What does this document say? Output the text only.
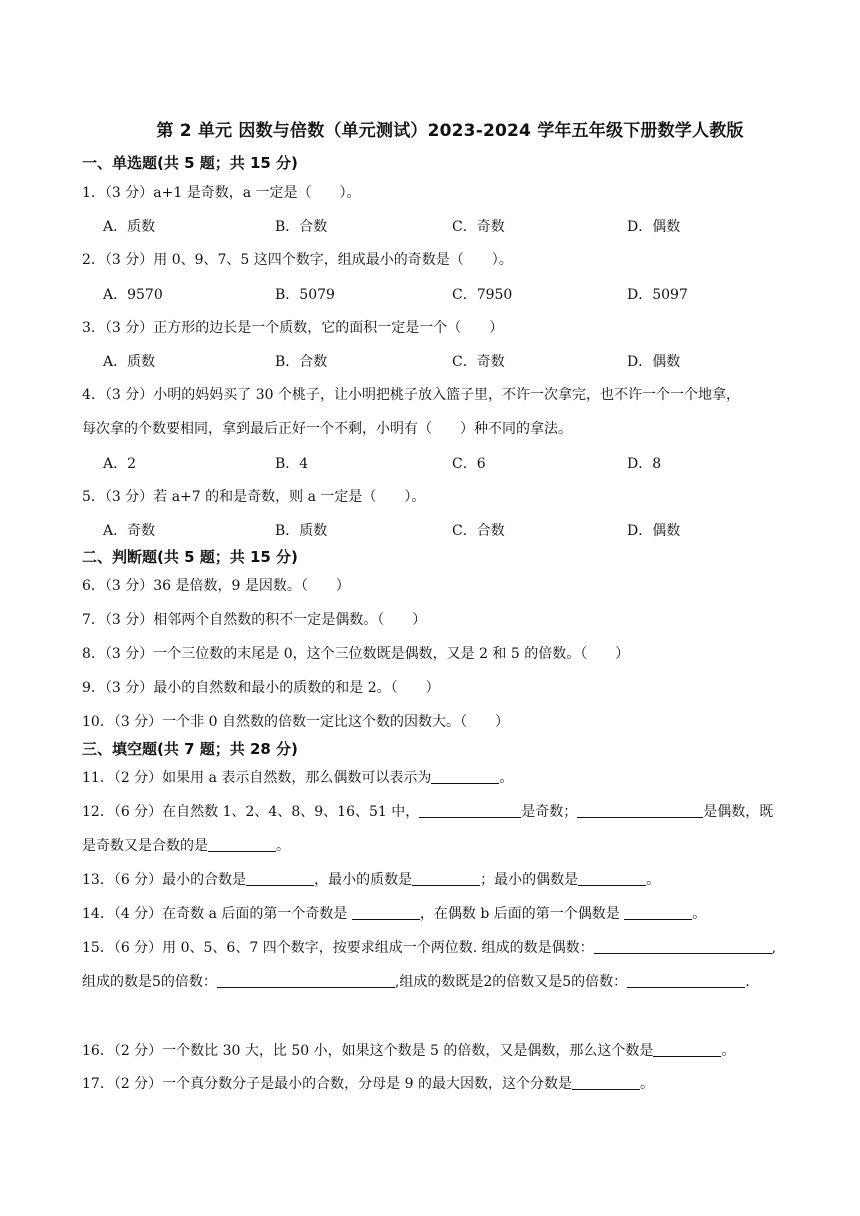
第 2 单元 因数与倍数（单元测试）2023-2024 学年五年级下册数学人教版
一、单选题(共 5 题；共 15 分)
1．（3 分）a+1 是奇数，a 一定是（　　）。
A．质数	B．合数	C．奇数	D．偶数
2．（3 分）用 0、9、7、5 这四个数字，组成最小的奇数是（　　）。
A．9570	B．5079	C．7950	D．5097
3．（3 分）正方形的边长是一个质数，它的面积一定是一个（　　）
A．质数	B．合数	C．奇数	D．偶数
4．（3 分）小明的妈妈买了 30 个桃子，让小明把桃子放入篮子里，不许一次拿完，也不许一个一个地拿，
每次拿的个数要相同，拿到最后正好一个不剩，小明有（　　）种不同的拿法。
A．2	B．4	C．6	D．8
5．（3 分）若 a+7 的和是奇数，则 a 一定是（　　）。
A．奇数	B．质数	C．合数	D．偶数
二、判断题(共 5 题；共 15 分)
6．（3 分）36 是倍数，9 是因数。（　　）
7．（3 分）相邻两个自然数的积不一定是偶数。（　　）
8．（3 分）一个三位数的末尾是 0，这个三位数既是偶数，又是 2 和 5 的倍数。（　　）
9．（3 分）最小的自然数和最小的质数的和是 2。（　　）
10．（3 分）一个非 0 自然数的倍数一定比这个数的因数大。（　　）
三、填空题(共 7 题；共 28 分)
11．（2 分）如果用 a 表示自然数，那么偶数可以表示为	。
12．（6 分）在自然数 1、2、4、8、9、16、51 中，	是奇数；	是偶数，既
是奇数又是合数的是	。
13．（6 分）最小的合数是	，最小的质数是	；最小的偶数是	。
14．（4 分）在奇数 a 后面的第一个奇数是	，在偶数 b 后面的第一个偶数是	。
15．（6 分）用 0、5、6、7 四个数字，按要求组成一个两位数. 组成的数是偶数：	,
组成的数是5的倍数：	,组成的数既是2的倍数又是5的倍数：	.
16．（2 分）一个数比 30 大，比 50 小，如果这个数是 5 的倍数，又是偶数，那么这个数是	。
17．（2 分）一个真分数分子是最小的合数，分母是 9 的最大因数，这个分数是	。
